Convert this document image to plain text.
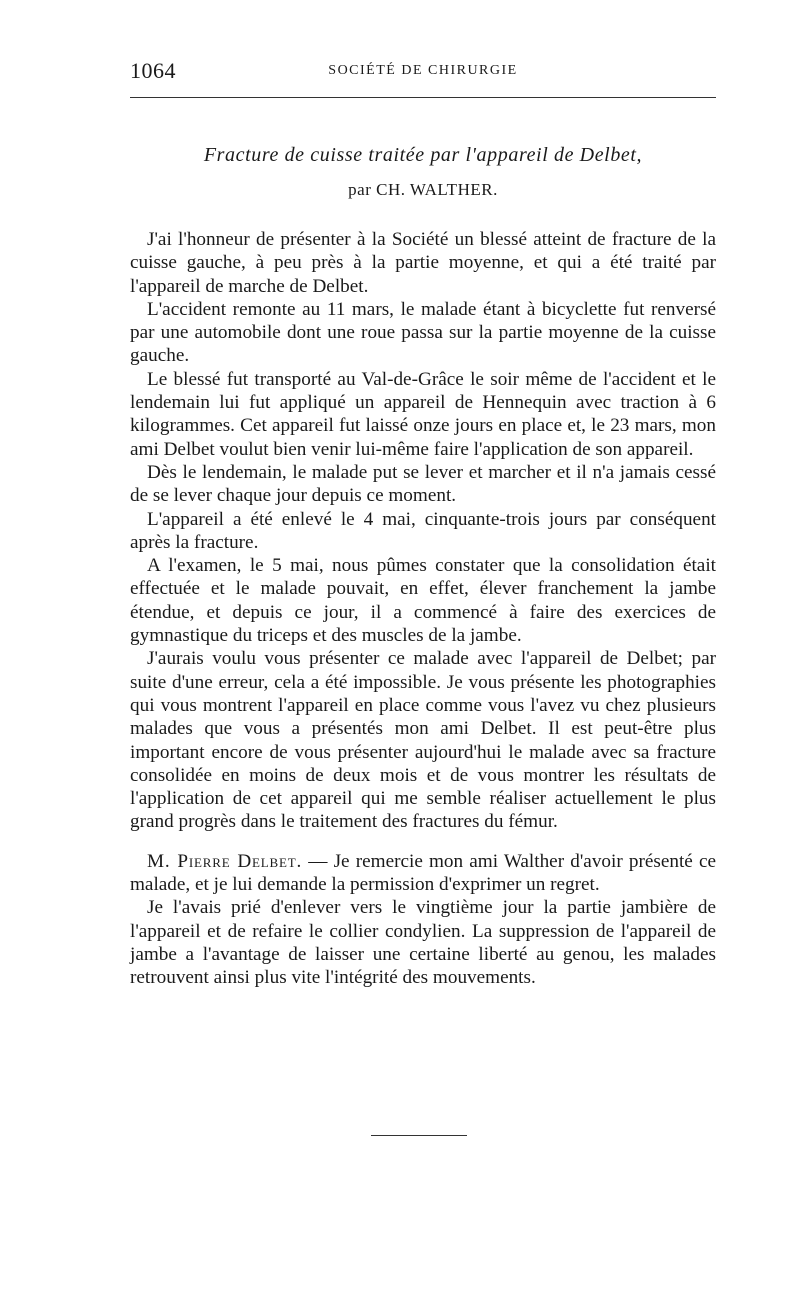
1064	SOCIÉTÉ DE CHIRURGIE
Fracture de cuisse traitée par l'appareil de Delbet,
par CH. WALTHER.

J'ai l'honneur de présenter à la Société un blessé atteint de fracture de la cuisse gauche, à peu près à la partie moyenne, et qui a été traité par l'appareil de marche de Delbet.

L'accident remonte au 11 mars, le malade étant à bicyclette fut renversé par une automobile dont une roue passa sur la partie moyenne de la cuisse gauche.

Le blessé fut transporté au Val-de-Grâce le soir même de l'accident et le lendemain lui fut appliqué un appareil de Hennequin avec traction à 6 kilogrammes. Cet appareil fut laissé onze jours en place et, le 23 mars, mon ami Delbet voulut bien venir lui-même faire l'application de son appareil.

Dès le lendemain, le malade put se lever et marcher et il n'a jamais cessé de se lever chaque jour depuis ce moment.

L'appareil a été enlevé le 4 mai, cinquante-trois jours par conséquent après la fracture.

A l'examen, le 5 mai, nous pûmes constater que la consolidation était effectuée et le malade pouvait, en effet, élever franchement la jambe étendue, et depuis ce jour, il a commencé à faire des exercices de gymnastique du triceps et des muscles de la jambe.

J'aurais voulu vous présenter ce malade avec l'appareil de Delbet; par suite d'une erreur, cela a été impossible. Je vous présente les photographies qui vous montrent l'appareil en place comme vous l'avez vu chez plusieurs malades que vous a présentés mon ami Delbet. Il est peut-être plus important encore de vous présenter aujourd'hui le malade avec sa fracture consolidée en moins de deux mois et de vous montrer les résultats de l'application de cet appareil qui me semble réaliser actuellement le plus grand progrès dans le traitement des fractures du fémur.

M. Pierre Delbet. — Je remercie mon ami Walther d'avoir présenté ce malade, et je lui demande la permission d'exprimer un regret.

Je l'avais prié d'enlever vers le vingtième jour la partie jambière de l'appareil et de refaire le collier condylien. La suppression de l'appareil de jambe a l'avantage de laisser une certaine liberté au genou, les malades retrouvent ainsi plus vite l'intégrité des mouvements.
